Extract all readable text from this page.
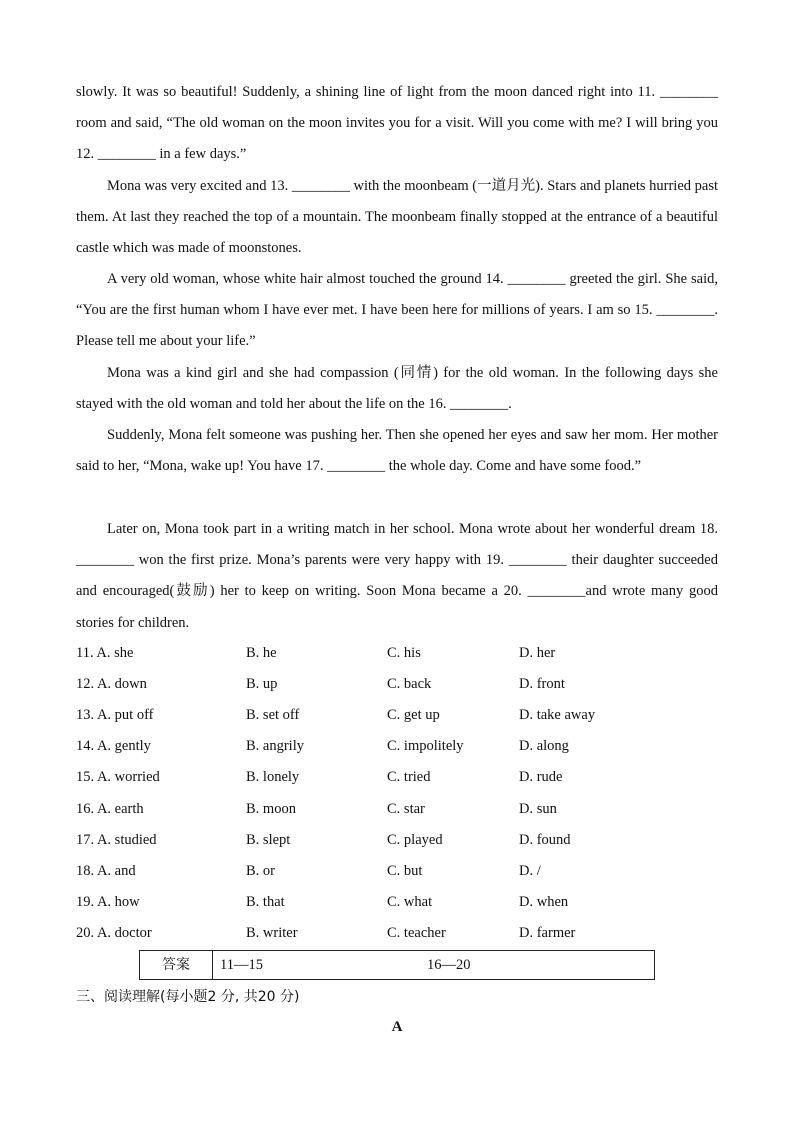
slowly. It was so beautiful! Suddenly, a shining line of light from the moon danced right into 11. ________ room and said, “The old woman on the moon invites you for a visit. Will you come with me? I will bring you 12. ________ in a few days.”

Mona was very excited and 13. ________ with the moonbeam (一道月光). Stars and planets hurried past them. At last they reached the top of a mountain. The moonbeam finally stopped at the entrance of a beautiful castle which was made of moonstones.

A very old woman, whose white hair almost touched the ground 14. ________ greeted the girl. She said, “You are the first human whom I have ever met. I have been here for millions of years. I am so 15. ________. Please tell me about your life.”

Mona was a kind girl and she had compassion (同情) for the old woman. In the following days she stayed with the old woman and told her about the life on the 16. ________.

Suddenly, Mona felt someone was pushing her. Then she opened her eyes and saw her mom. Her mother said to her, “Mona, wake up! You have 17. ________ the whole day. Come and have some food.”

Later on, Mona took part in a writing match in her school. Mona wrote about her wonderful dream 18. ________ won the first prize. Mona’s parents were very happy with 19. ________ their daughter succeeded and encouraged(鼓励) her to keep on writing. Soon Mona became a 20. ________and wrote many good stories for children.

11. A. she	B. he	C. his	D. her
12. A. down	B. up	C. back	D. front
13. A. put off	B. set off	C. get up	D. take away
14. A. gently	B. angrily	C. impolitely	D. along
15. A. worried	B. lonely	C. tried	D. rude
16. A. earth	B. moon	C. star	D. sun
17. A. studied	B. slept	C. played	D. found
18. A. and	B. or	C. but	D. /
19. A. how	B. that	C. what	D. when
20. A. doctor	B. writer	C. teacher	D. farmer
答案	11—15	16—20
三、阅读理解(每小题2 分, 共20 分)
A
